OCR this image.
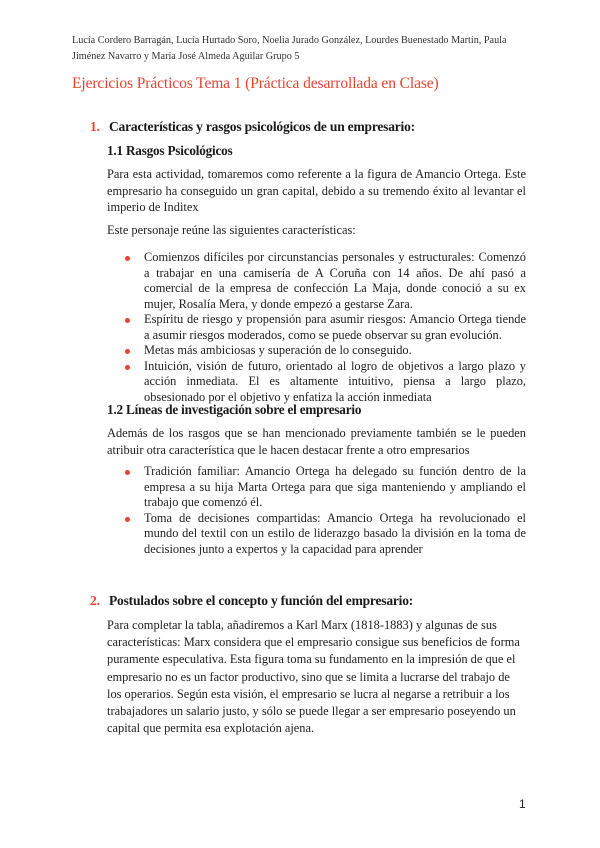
Lucía Cordero Barragán, Lucía Hurtado Soro, Noelia Jurado González, Lourdes Buenestado Martín, Paula Jiménez Navarro y María José Almeda Aguilar Grupo 5
Ejercicios Prácticos Tema 1 (Práctica desarrollada en Clase)
1. Características y rasgos psicológicos de un empresario:
1.1 Rasgos Psicológicos
Para esta actividad, tomaremos como referente a la figura de Amancio Ortega. Este empresario ha conseguido un gran capital, debido a su tremendo éxito al levantar el imperio de Inditex
Este personaje reúne las siguientes características:
Comienzos difíciles por circunstancias personales y estructurales: Comenzó a trabajar en una camisería de A Coruña con 14 años. De ahí pasó a comercial de la empresa de confección La Maja, donde conoció a su ex mujer, Rosalía Mera, y donde empezó a gestarse Zara.
Espíritu de riesgo y propensión para asumir riesgos: Amancio Ortega tiende a asumir riesgos moderados, como se puede observar su gran evolución.
Metas más ambiciosas y superación de lo conseguido.
Intuición, visión de futuro, orientado al logro de objetivos a largo plazo y acción inmediata. El es altamente intuitivo, piensa a largo plazo, obsesionado por el objetivo y enfatiza la acción inmediata
1.2 Líneas de investigación sobre el empresario
Además de los rasgos que se han mencionado previamente también se le pueden atribuir otra característica que le hacen destacar frente a otro empresarios
Tradición familiar: Amancio Ortega ha delegado su función dentro de la empresa a su hija Marta Ortega para que siga manteniendo y ampliando el trabajo que comenzó él.
Toma de decisiones compartidas: Amancio Ortega ha revolucionado el mundo del textil con un estilo de liderazgo basado la división en la toma de decisiones junto a expertos y la capacidad para aprender
2. Postulados sobre el concepto y función del empresario:
Para completar la tabla, añadiremos a Karl Marx (1818-1883) y algunas de sus características: Marx considera que el empresario consigue sus beneficios de forma puramente especulativa. Esta figura toma su fundamento en la impresión de que el empresario no es un factor productivo, sino que se limita a lucrarse del trabajo de los operarios. Según esta visión, el empresario se lucra al negarse a retribuir a los trabajadores un salario justo, y sólo se puede llegar a ser empresario poseyendo un capital que permita esa explotación ajena.
1
